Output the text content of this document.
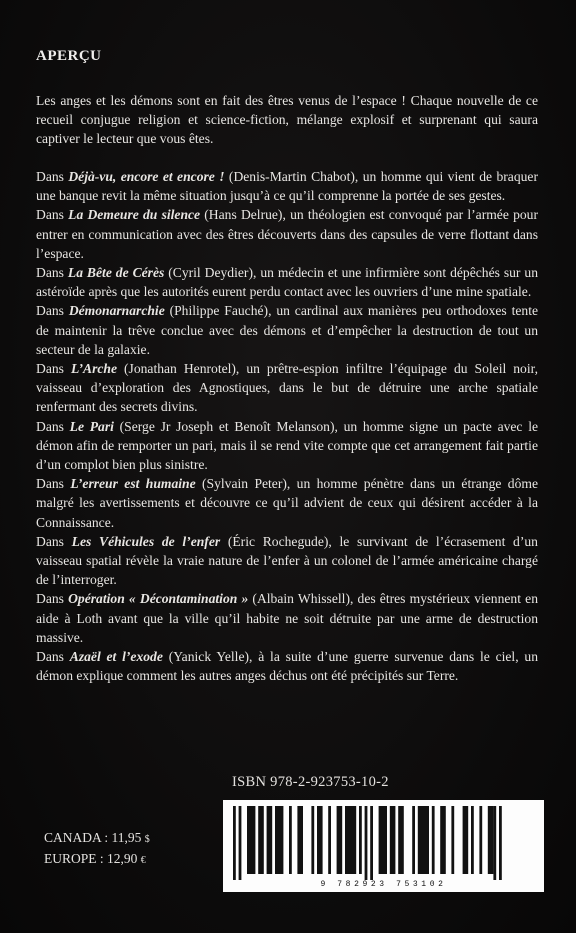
APERÇU

Les anges et les démons sont en fait des êtres venus de l’espace ! Chaque nouvelle de ce recueil conjugue religion et science-fiction, mélange explosif et surprenant qui saura captiver le lecteur que vous êtes.

Dans Déjà-vu, encore et encore ! (Denis-Martin Chabot), un homme qui vient de braquer une banque revit la même situation jusqu’à ce qu’il comprenne la portée de ses gestes.

Dans La Demeure du silence (Hans Delrue), un théologien est convoqué par l’armée pour entrer en communication avec des êtres découverts dans des capsules de verre flottant dans l’espace.

Dans La Bête de Cérès (Cyril Deydier), un médecin et une infirmière sont dépêchés sur un astéroïde après que les autorités eurent perdu contact avec les ouvriers d’une mine spatiale.

Dans Démonarnarchie (Philippe Fauché), un cardinal aux manières peu orthodoxes tente de maintenir la trêve conclue avec des démons et d’empêcher la destruction de tout un secteur de la galaxie.

Dans L’Arche (Jonathan Henrotel), un prêtre-espion infiltre l’équipage du Soleil noir, vaisseau d’exploration des Agnostiques, dans le but de détruire une arche spatiale renfermant des secrets divins.

Dans Le Pari (Serge Jr Joseph et Benoît Melanson), un homme signe un pacte avec le démon afin de remporter un pari, mais il se rend vite compte que cet arrangement fait partie d’un complot bien plus sinistre.

Dans L’erreur est humaine (Sylvain Peter), un homme pénètre dans un étrange dôme malgré les avertissements et découvre ce qu’il advient de ceux qui désirent accéder à la Connaissance.

Dans Les Véhicules de l’enfer (Éric Rochegude), le survivant de l’écrasement d’un vaisseau spatial révèle la vraie nature de l’enfer à un colonel de l’armée américaine chargé de l’interroger.

Dans Opération « Décontamination » (Albain Whissell), des êtres mystérieux viennent en aide à Loth avant que la ville qu’il habite ne soit détruite par une arme de destruction massive.

Dans Azaël et l’exode (Yanick Yelle), à la suite d’une guerre survenue dans le ciel, un démon explique comment les autres anges déchus ont été précipités sur Terre.

ISBN 978-2-923753-10-2
CANADA : 11,95 $
EUROPE : 12,90 €
9 782923 753102
